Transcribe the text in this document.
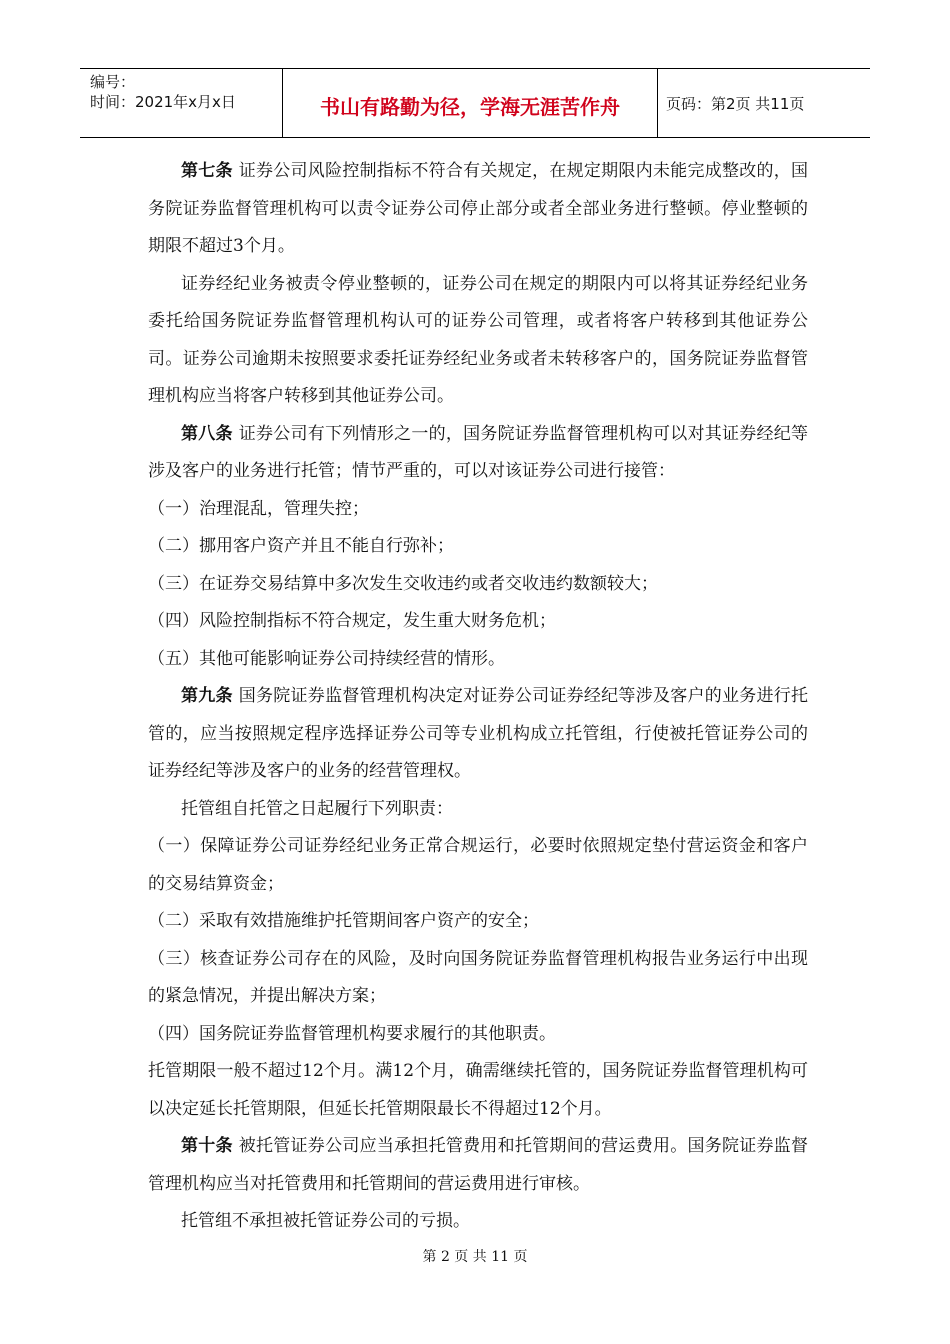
编号：
时间：2021年x月x日	书山有路勤为径，学海无涯苦作舟	页码：第2页 共11页

第七条 证券公司风险控制指标不符合有关规定，在规定期限内未能完成整改的，国务院证券监督管理机构可以责令证券公司停止部分或者全部业务进行整顿。停业整顿的期限不超过3个月。

证券经纪业务被责令停业整顿的，证券公司在规定的期限内可以将其证券经纪业务委托给国务院证券监督管理机构认可的证券公司管理，或者将客户转移到其他证券公司。证券公司逾期未按照要求委托证券经纪业务或者未转移客户的，国务院证券监督管理机构应当将客户转移到其他证券公司。

第八条 证券公司有下列情形之一的，国务院证券监督管理机构可以对其证券经纪等涉及客户的业务进行托管；情节严重的，可以对该证券公司进行接管：

（一）治理混乱，管理失控；

（二）挪用客户资产并且不能自行弥补；

（三）在证券交易结算中多次发生交收违约或者交收违约数额较大；

（四）风险控制指标不符合规定，发生重大财务危机；

（五）其他可能影响证券公司持续经营的情形。

第九条 国务院证券监督管理机构决定对证券公司证券经纪等涉及客户的业务进行托管的，应当按照规定程序选择证券公司等专业机构成立托管组，行使被托管证券公司的证券经纪等涉及客户的业务的经营管理权。

托管组自托管之日起履行下列职责：

（一）保障证券公司证券经纪业务正常合规运行，必要时依照规定垫付营运资金和客户的交易结算资金；

（二）采取有效措施维护托管期间客户资产的安全；

（三）核查证券公司存在的风险，及时向国务院证券监督管理机构报告业务运行中出现的紧急情况，并提出解决方案；

（四）国务院证券监督管理机构要求履行的其他职责。

托管期限一般不超过12个月。满12个月，确需继续托管的，国务院证券监督管理机构可以决定延长托管期限，但延长托管期限最长不得超过12个月。

第十条 被托管证券公司应当承担托管费用和托管期间的营运费用。国务院证券监督管理机构应当对托管费用和托管期间的营运费用进行审核。

托管组不承担被托管证券公司的亏损。

第 2 页 共 11 页
